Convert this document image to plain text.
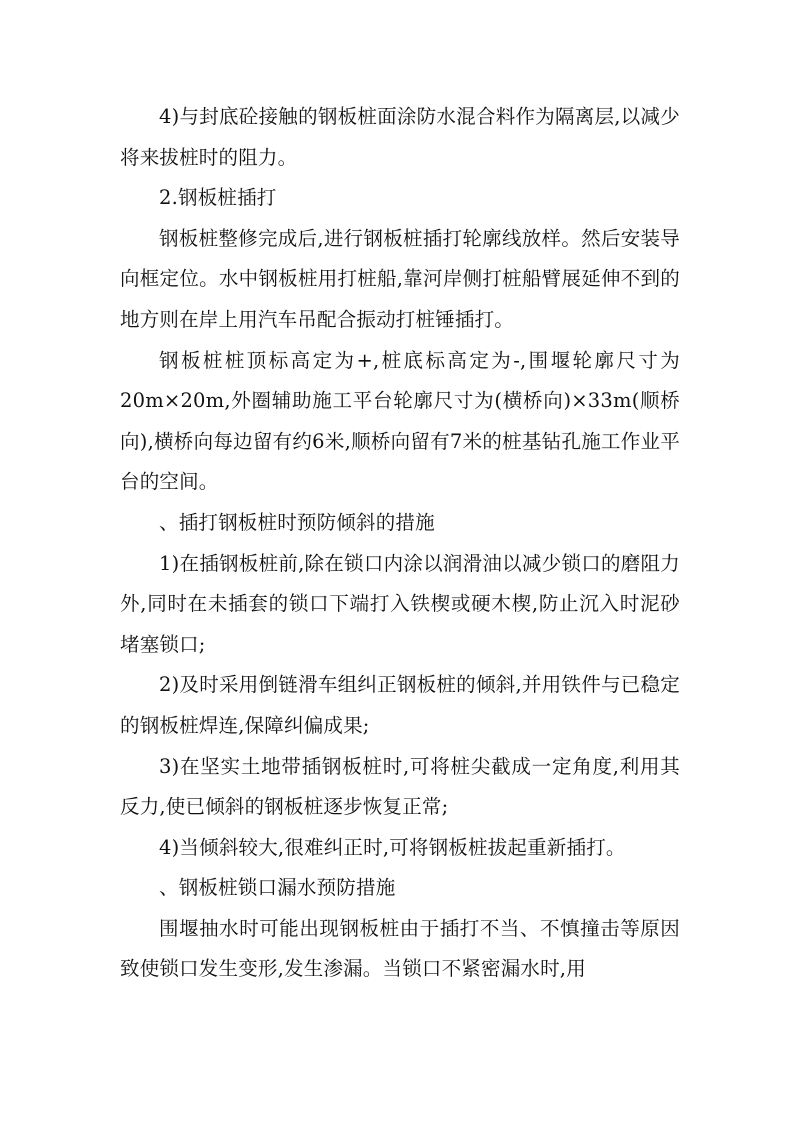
4)与封底砼接触的钢板桩面涂防水混合料作为隔离层,以减少将来拔桩时的阻力。

2.钢板桩插打

钢板桩整修完成后,进行钢板桩插打轮廓线放样。然后安装导向框定位。水中钢板桩用打桩船,靠河岸侧打桩船臂展延伸不到的地方则在岸上用汽车吊配合振动打桩锤插打。

钢板桩桩顶标高定为+,桩底标高定为-,围堰轮廓尺寸为20m×20m,外圈辅助施工平台轮廓尺寸为(横桥向)×33m(顺桥向),横桥向每边留有约6米,顺桥向留有7米的桩基钻孔施工作业平台的空间。

、插打钢板桩时预防倾斜的措施

1)在插钢板桩前,除在锁口内涂以润滑油以减少锁口的磨阻力外,同时在未插套的锁口下端打入铁楔或硬木楔,防止沉入时泥砂堵塞锁口;

2)及时采用倒链滑车组纠正钢板桩的倾斜,并用铁件与已稳定的钢板桩焊连,保障纠偏成果;

3)在坚实土地带插钢板桩时,可将桩尖截成一定角度,利用其反力,使已倾斜的钢板桩逐步恢复正常;

4)当倾斜较大,很难纠正时,可将钢板桩拔起重新插打。

、钢板桩锁口漏水预防措施

围堰抽水时可能出现钢板桩由于插打不当、不慎撞击等原因致使锁口发生变形,发生渗漏。当锁口不紧密漏水时,用
